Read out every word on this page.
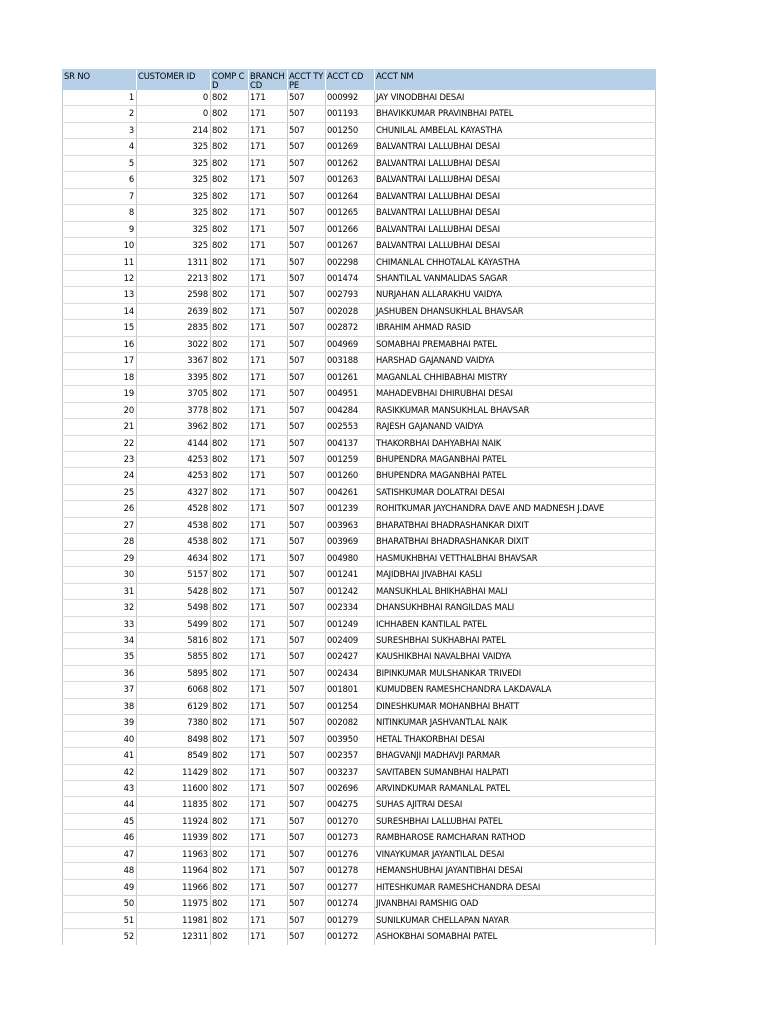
SR NO	CUSTOMER ID	COMP CD	BRANCH CD	ACCT TYPE	ACCT CD	ACCT NM
1	0	802	171	507	000992	JAY VINODBHAI DESAI
2	0	802	171	507	001193	BHAVIKKUMAR PRAVINBHAI PATEL
3	214	802	171	507	001250	CHUNILAL AMBELAL KAYASTHA
4	325	802	171	507	001269	BALVANTRAI LALLUBHAI DESAI
5	325	802	171	507	001262	BALVANTRAI LALLUBHAI DESAI
6	325	802	171	507	001263	BALVANTRAI LALLUBHAI DESAI
7	325	802	171	507	001264	BALVANTRAI LALLUBHAI DESAI
8	325	802	171	507	001265	BALVANTRAI LALLUBHAI DESAI
9	325	802	171	507	001266	BALVANTRAI LALLUBHAI DESAI
10	325	802	171	507	001267	BALVANTRAI LALLUBHAI DESAI
11	1311	802	171	507	002298	CHIMANLAL CHHOTALAL KAYASTHA
12	2213	802	171	507	001474	SHANTILAL VANMALIDAS SAGAR
13	2598	802	171	507	002793	NURJAHAN ALLARAKHU VAIDYA
14	2639	802	171	507	002028	JASHUBEN DHANSUKHLAL BHAVSAR
15	2835	802	171	507	002872	IBRAHIM AHMAD RASID
16	3022	802	171	507	004969	SOMABHAI PREMABHAI PATEL
17	3367	802	171	507	003188	HARSHAD GAJANAND VAIDYA
18	3395	802	171	507	001261	MAGANLAL CHHIBABHAI MISTRY
19	3705	802	171	507	004951	MAHADEVBHAI DHIRUBHAI DESAI
20	3778	802	171	507	004284	RASIKKUMAR MANSUKHLAL BHAVSAR
21	3962	802	171	507	002553	RAJESH GAJANAND VAIDYA
22	4144	802	171	507	004137	THAKORBHAI DAHYABHAI NAIK
23	4253	802	171	507	001259	BHUPENDRA MAGANBHAI PATEL
24	4253	802	171	507	001260	BHUPENDRA MAGANBHAI PATEL
25	4327	802	171	507	004261	SATISHKUMAR DOLATRAI DESAI
26	4528	802	171	507	001239	ROHITKUMAR JAYCHANDRA DAVE AND MADNESH J.DAVE
27	4538	802	171	507	003963	BHARATBHAI BHADRASHANKAR DIXIT
28	4538	802	171	507	003969	BHARATBHAI BHADRASHANKAR DIXIT
29	4634	802	171	507	004980	HASMUKHBHAI VETTHALBHAI BHAVSAR
30	5157	802	171	507	001241	MAJIDBHAI JIVABHAI KASLI
31	5428	802	171	507	001242	MANSUKHLAL BHIKHABHAI MALI
32	5498	802	171	507	002334	DHANSUKHBHAI RANGILDAS MALI
33	5499	802	171	507	001249	ICHHABEN KANTILAL PATEL
34	5816	802	171	507	002409	SURESHBHAI SUKHABHAI PATEL
35	5855	802	171	507	002427	KAUSHIKBHAI NAVALBHAI VAIDYA
36	5895	802	171	507	002434	BIPINKUMAR MULSHANKAR TRIVEDI
37	6068	802	171	507	001801	KUMUDBEN RAMESHCHANDRA LAKDAVALA
38	6129	802	171	507	001254	DINESHKUMAR MOHANBHAI BHATT
39	7380	802	171	507	002082	NITINKUMAR JASHVANTLAL NAIK
40	8498	802	171	507	003950	HETAL THAKORBHAI DESAI
41	8549	802	171	507	002357	BHAGVANJI MADHAVJI PARMAR
42	11429	802	171	507	003237	SAVITABEN SUMANBHAI HALPATI
43	11600	802	171	507	002696	ARVINDKUMAR RAMANLAL PATEL
44	11835	802	171	507	004275	SUHAS AJITRAI DESAI
45	11924	802	171	507	001270	SURESHBHAI LALLUBHAI PATEL
46	11939	802	171	507	001273	RAMBHAROSE RAMCHARAN RATHOD
47	11963	802	171	507	001276	VINAYKUMAR JAYANTILAL DESAI
48	11964	802	171	507	001278	HEMANSHUBHAI JAYANTIBHAI DESAI
49	11966	802	171	507	001277	HITESHKUMAR RAMESHCHANDRA DESAI
50	11975	802	171	507	001274	JIVANBHAI RAMSHIG OAD
51	11981	802	171	507	001279	SUNILKUMAR CHELLAPAN NAYAR
52	12311	802	171	507	001272	ASHOKBHAI SOMABHAI PATEL
